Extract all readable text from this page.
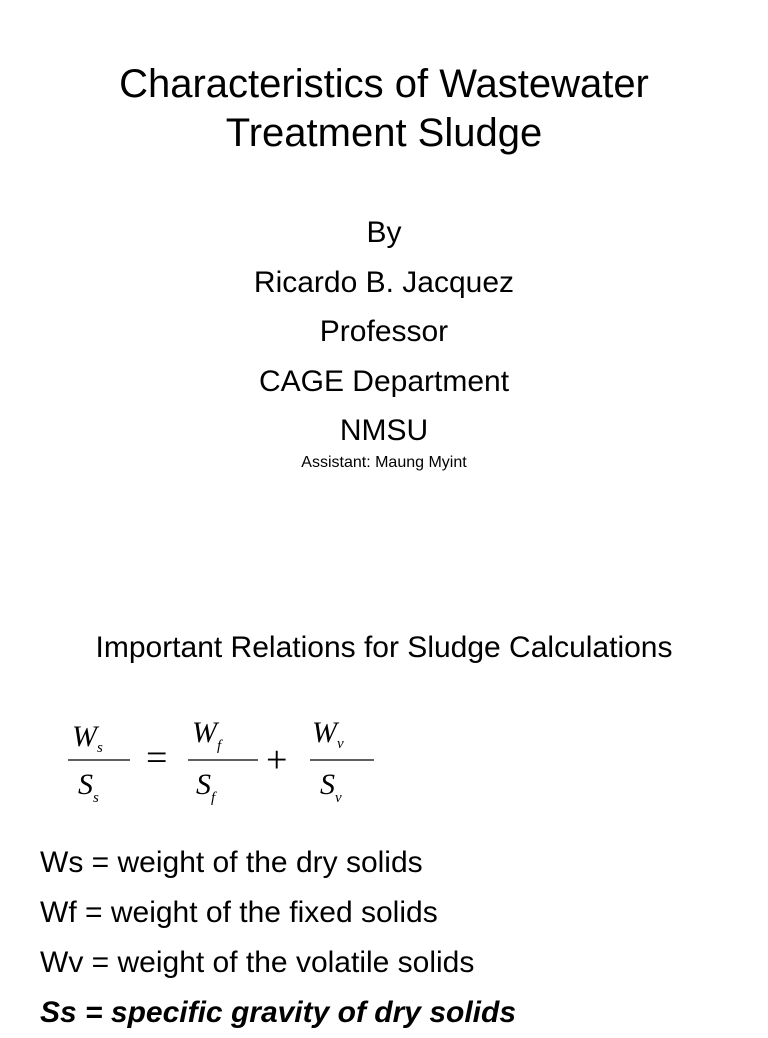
Characteristics of Wastewater
Treatment Sludge
By
Ricardo B. Jacquez
Professor
CAGE Department
NMSU
Assistant: Maung Myint
Important Relations for Sludge Calculations
$W_s$
$S_s$
=
$W_f$
$S_f$
+
$W_v$
$S_v$
Ws = weight of the dry solids
Wf = weight of the fixed solids
Wv = weight of the volatile solids
Ss = specific gravity of dry solids
